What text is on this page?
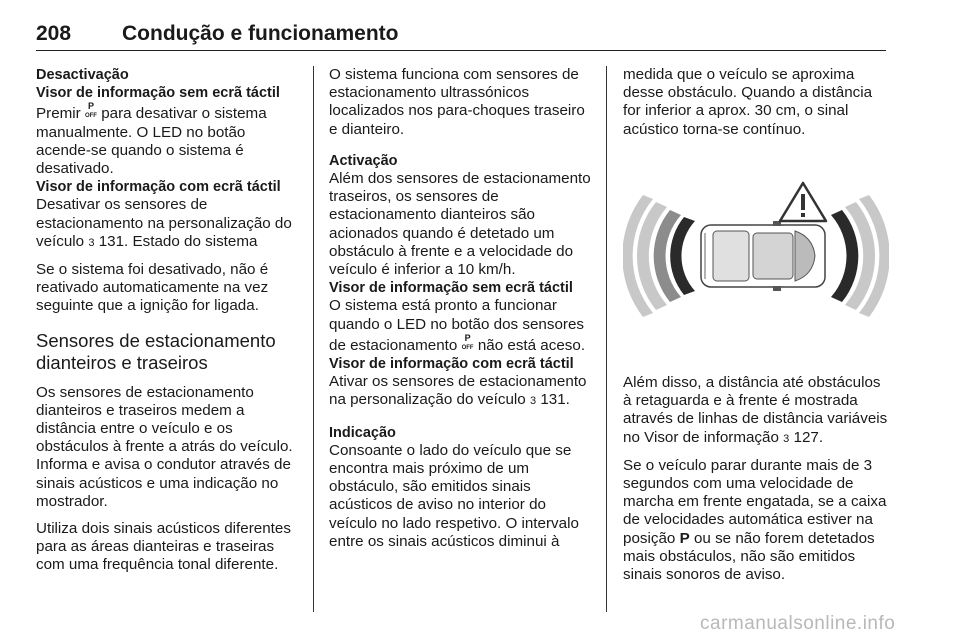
208 Condução e funcionamento
Desactivação
Visor de informação sem ecrã táctil

Premir P
OFF para desativar o sistema manualmente. O LED no botão acende-se quando o sistema é desativado.

Visor de informação com ecrã táctil

Desativar os sensores de estacionamento na personalização do veículo 3 131. Estado do sistema

Se o sistema foi desativado, não é reativado automaticamente na vez seguinte que a ignição for ligada.

Sensores de estacionamento
dianteiros e traseiros

Os sensores de estacionamento dianteiros e traseiros medem a distância entre o veículo e os obstáculos à frente a atrás do veículo. Informa e avisa o condutor através de sinais acústicos e uma indicação no mostrador.

Utiliza dois sinais acústicos diferentes para as áreas dianteiras e traseiras com uma frequência tonal diferente.

O sistema funciona com sensores de estacionamento ultrassónicos localizados nos para-choques traseiro e dianteiro.

Activação

Além dos sensores de estacionamento traseiros, os sensores de estacionamento dianteiros são acionados quando é detetado um obstáculo à frente e a velocidade do veículo é inferior a 10 km/h.

Visor de informação sem ecrã táctil

O sistema está pronto a funcionar quando o LED no botão dos sensores de estacionamento P
OFF não está aceso.

Visor de informação com ecrã táctil

Ativar os sensores de estacionamento na personalização do veículo 3 131.

Indicação

Consoante o lado do veículo que se encontra mais próximo de um obstáculo, são emitidos sinais acústicos de aviso no interior do veículo no lado respetivo. O intervalo entre os sinais acústicos diminui à

medida que o veículo se aproxima desse obstáculo. Quando a distância for inferior a aprox. 30 cm, o sinal acústico torna-se contínuo.

Além disso, a distância até obstáculos à retaguarda e à frente é mostrada através de linhas de distância variáveis no Visor de informação 3 127.

Se o veículo parar durante mais de 3 segundos com uma velocidade de marcha em frente engatada, se a caixa de velocidades automática estiver na posição P ou se não forem detetados mais obstáculos, não são emitidos sinais sonoros de aviso.

carmanualsonline.info
